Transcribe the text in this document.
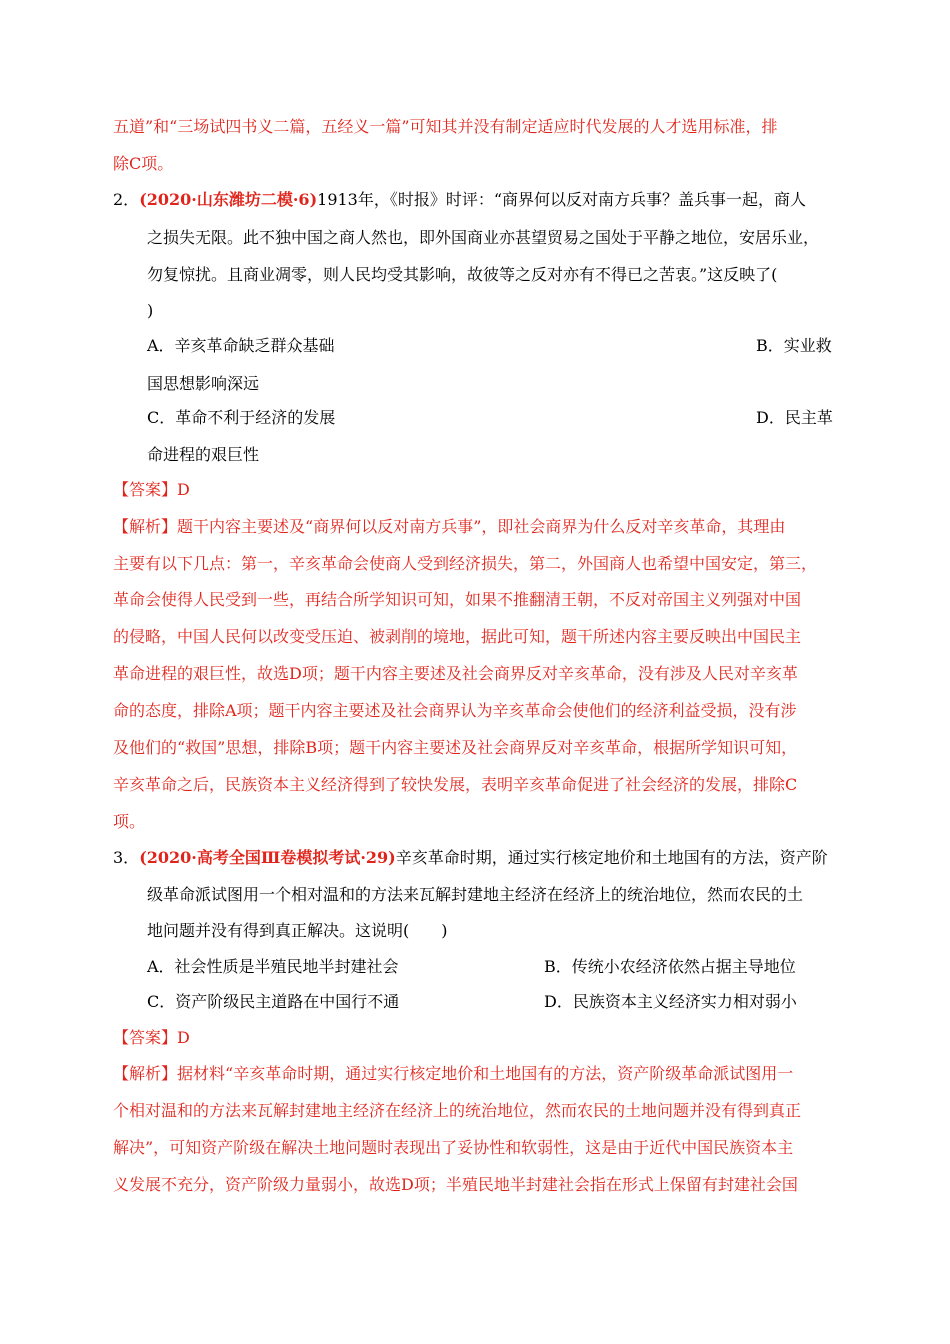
五道”和“三场试四书义二篇，五经义一篇”可知其并没有制定适应时代发展的人才选用标准，排
除C项。
2．(2020·山东潍坊二模·6)1913年，《时报》时评：“商界何以反对南方兵事？盖兵事一起，商人
之损失无限。此不独中国之商人然也，即外国商业亦甚望贸易之国处于平静之地位，安居乐业，
勿复惊扰。且商业凋零，则人民均受其影响，故彼等之反对亦有不得已之苦衷。”这反映了(
)
A．辛亥革命缺乏群众基础	B．实业救
国思想影响深远
C．革命不利于经济的发展	D．民主革
命进程的艰巨性
【答案】D
【解析】题干内容主要述及“商界何以反对南方兵事”，即社会商界为什么反对辛亥革命，其理由
主要有以下几点：第一，辛亥革命会使商人受到经济损失，第二，外国商人也希望中国安定，第三，
革命会使得人民受到一些，再结合所学知识可知，如果不推翻清王朝，不反对帝国主义列强对中国
的侵略，中国人民何以改变受压迫、被剥削的境地，据此可知，题干所述内容主要反映出中国民主
革命进程的艰巨性，故选D项；题干内容主要述及社会商界反对辛亥革命，没有涉及人民对辛亥革
命的态度，排除A项；题干内容主要述及社会商界认为辛亥革命会使他们的经济利益受损，没有涉
及他们的“救国”思想，排除B项；题干内容主要述及社会商界反对辛亥革命，根据所学知识可知，
辛亥革命之后，民族资本主义经济得到了较快发展，表明辛亥革命促进了社会经济的发展，排除C
项。
3．(2020·高考全国Ⅲ卷模拟考试·29)辛亥革命时期，通过实行核定地价和土地国有的方法，资产阶
级革命派试图用一个相对温和的方法来瓦解封建地主经济在经济上的统治地位，然而农民的土
地问题并没有得到真正解决。这说明(　　)
A．社会性质是半殖民地半封建社会	B．传统小农经济依然占据主导地位
C．资产阶级民主道路在中国行不通	D．民族资本主义经济实力相对弱小
【答案】D
【解析】据材料“辛亥革命时期，通过实行核定地价和土地国有的方法，资产阶级革命派试图用一
个相对温和的方法来瓦解封建地主经济在经济上的统治地位，然而农民的土地问题并没有得到真正
解决”，可知资产阶级在解决土地问题时表现出了妥协性和软弱性，这是由于近代中国民族资本主
义发展不充分，资产阶级力量弱小，故选D项；半殖民地半封建社会指在形式上保留有封建社会国
